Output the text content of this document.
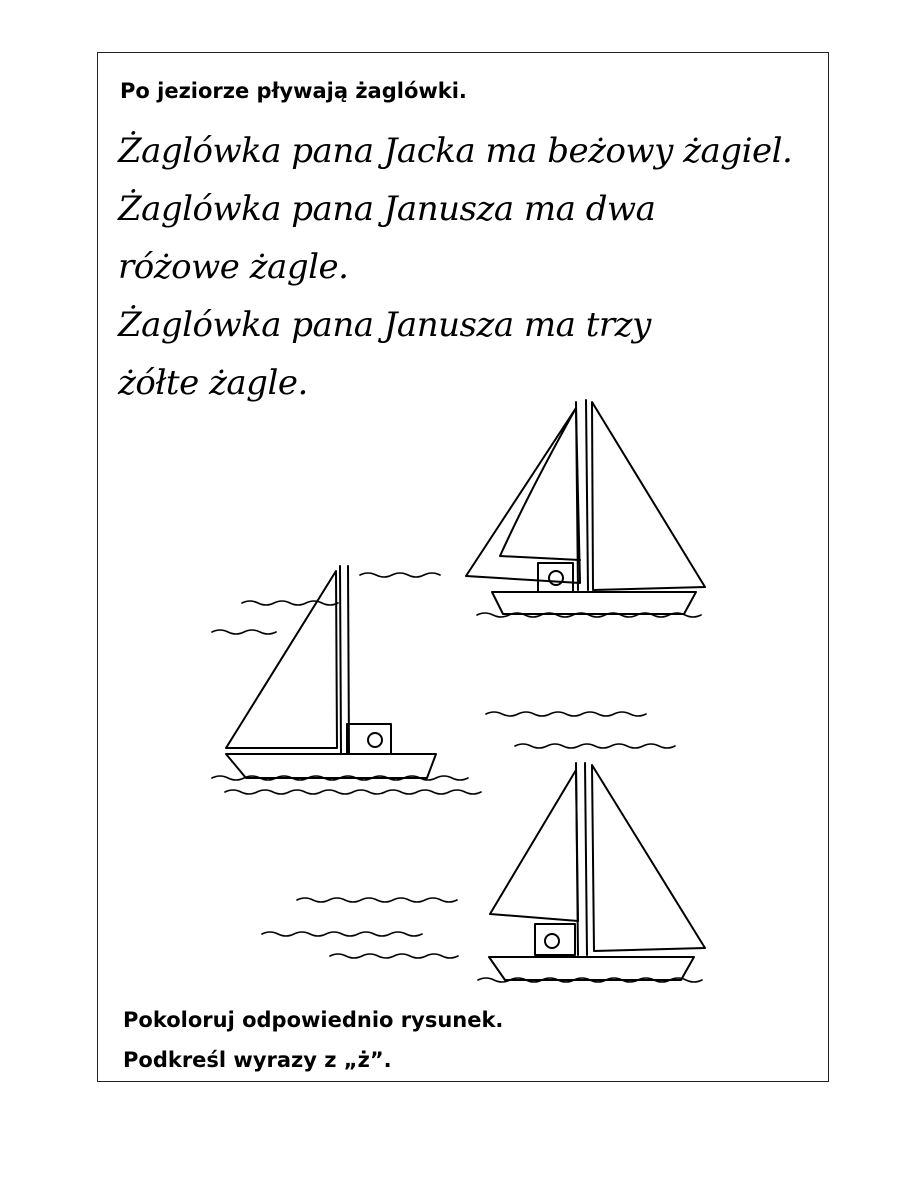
Po jeziorze pływają żaglówki.

Żaglówka pana Jacka ma beżowy żagiel.

Żaglówka pana Janusza ma dwa

różowe żagle.

Żaglówka pana Janusza ma trzy

żółte żagle.

Pokoloruj odpowiednio rysunek.

Podkreśl wyrazy z „ż”.
